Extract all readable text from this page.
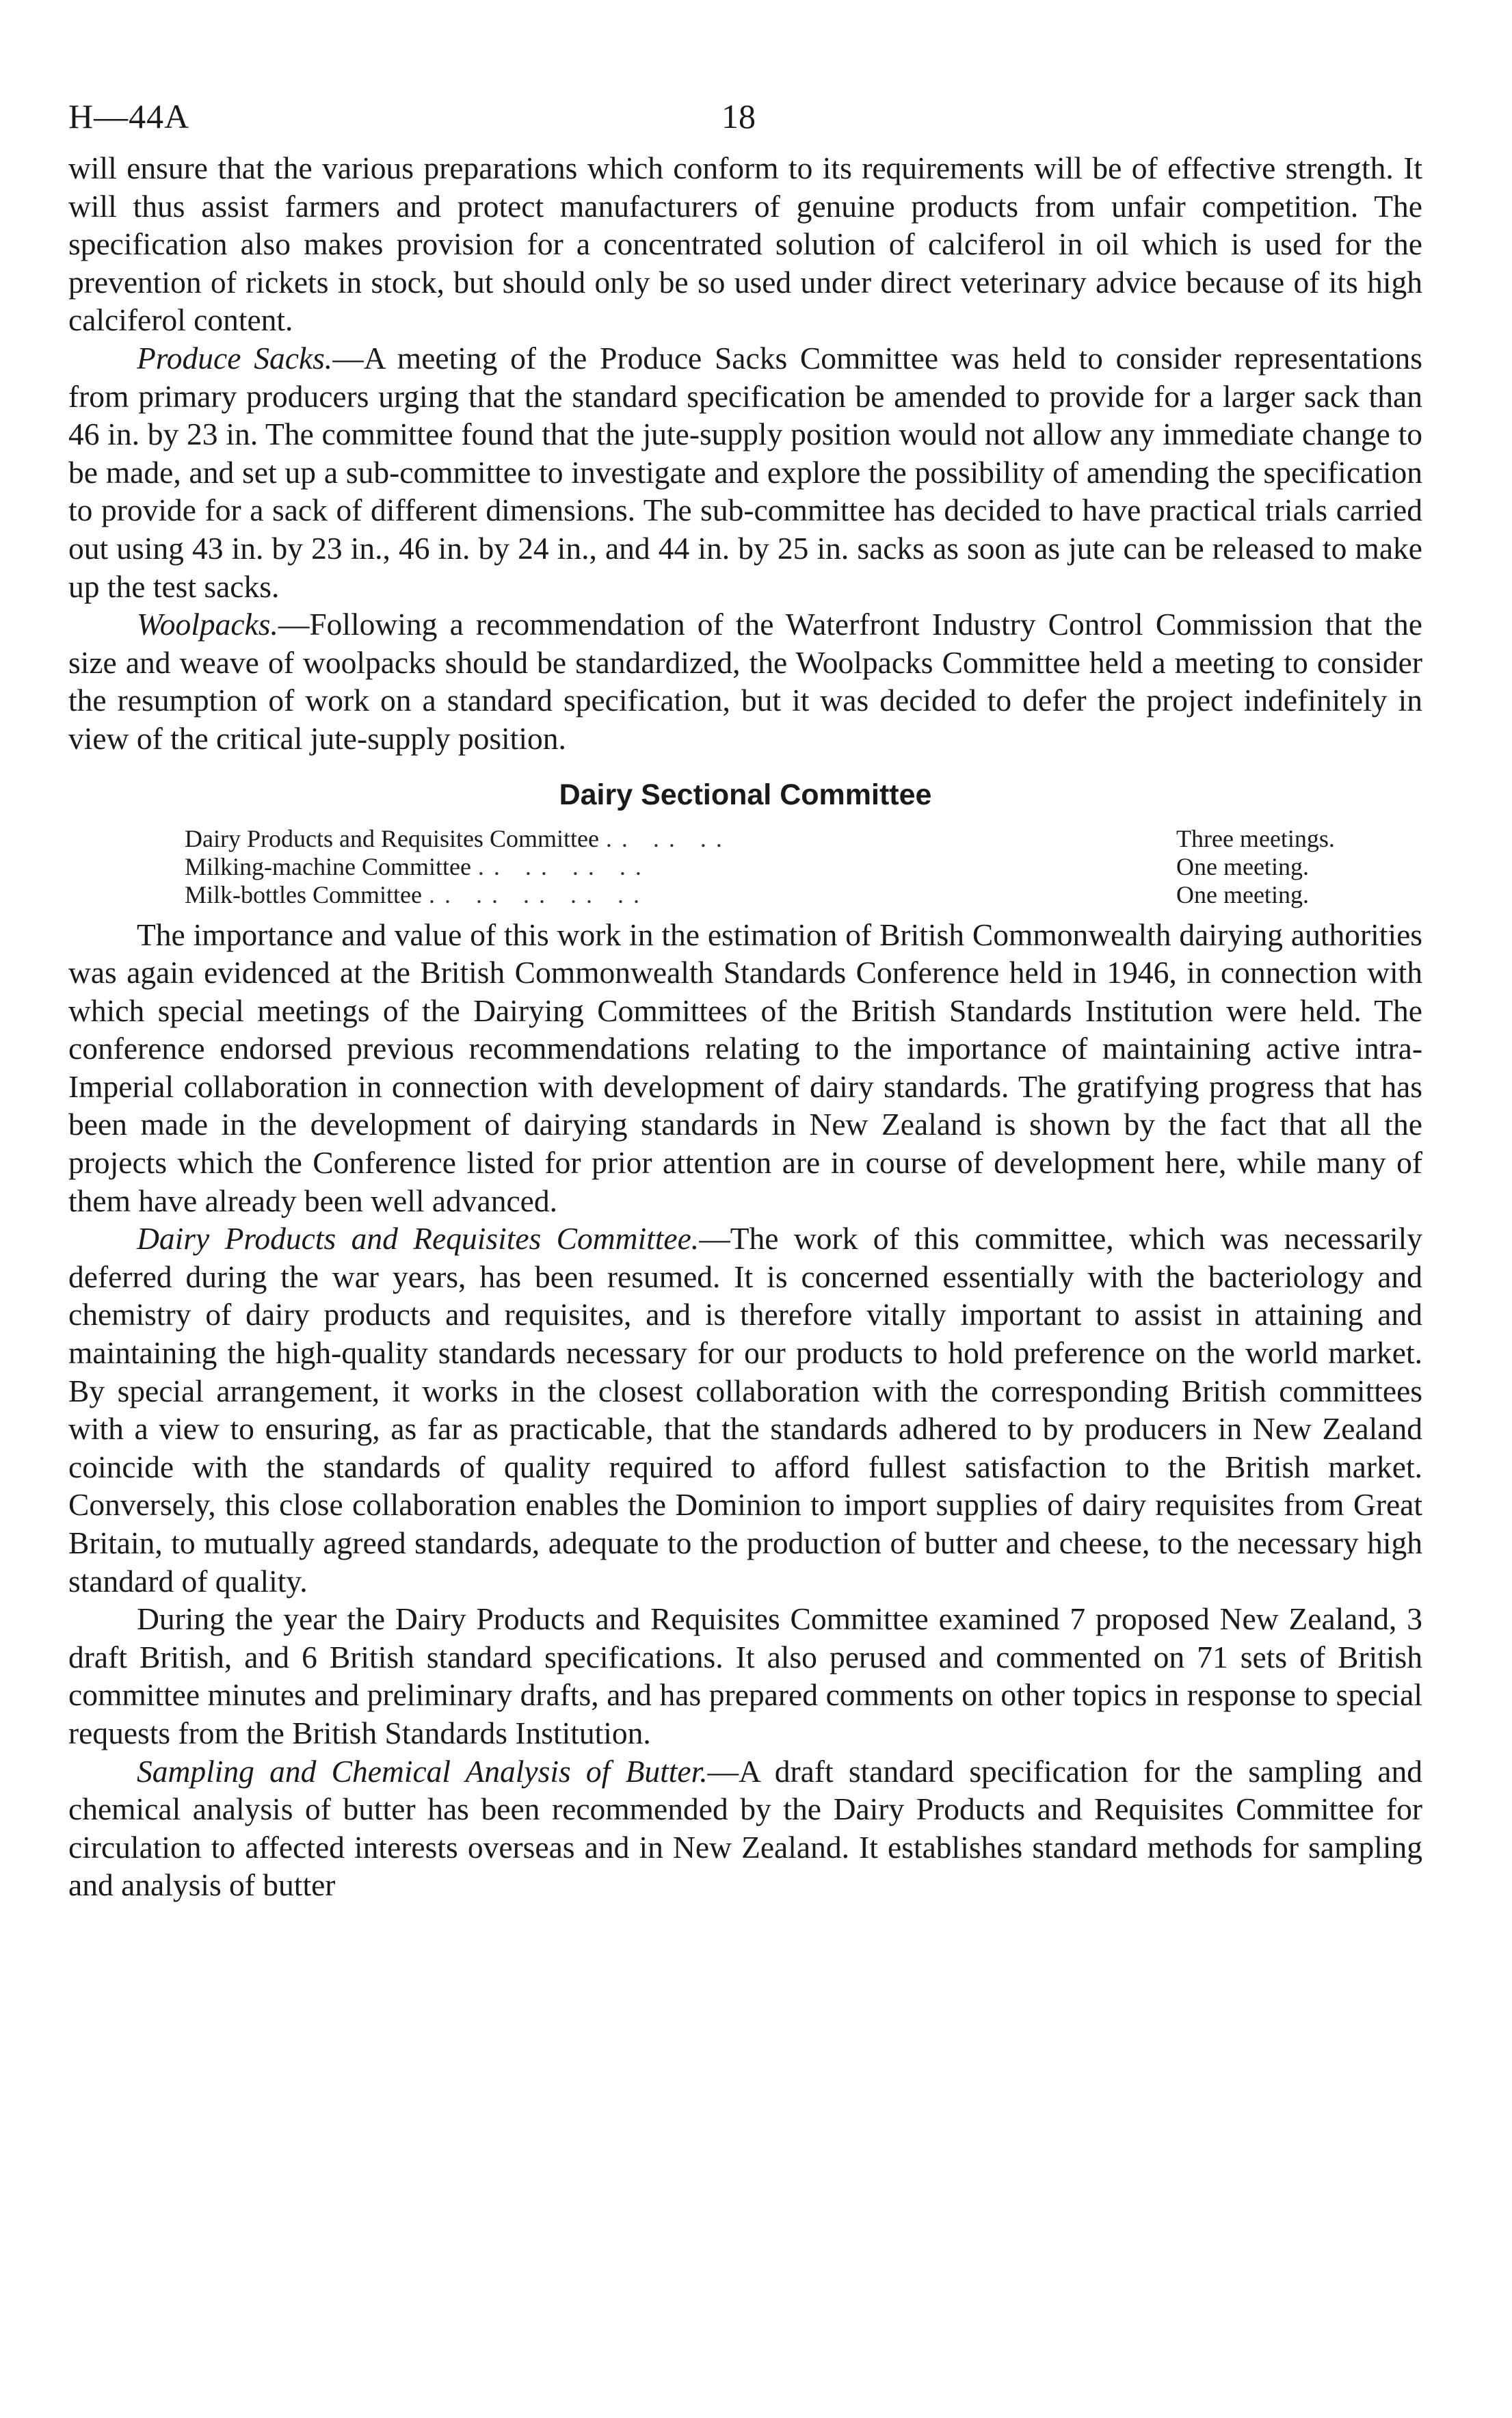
H—44A	18

will ensure that the various preparations which conform to its requirements will be of effective strength. It will thus assist farmers and protect manufacturers of genuine products from unfair competition. The specification also makes provision for a concentrated solution of calciferol in oil which is used for the prevention of rickets in stock, but should only be so used under direct veterinary advice because of its high calciferol content.

Produce Sacks.—A meeting of the Produce Sacks Committee was held to consider representations from primary producers urging that the standard specification be amended to provide for a larger sack than 46 in. by 23 in. The committee found that the jute-supply position would not allow any immediate change to be made, and set up a sub-committee to investigate and explore the possibility of amending the specification to provide for a sack of different dimensions. The sub-committee has decided to have practical trials carried out using 43 in. by 23 in., 46 in. by 24 in., and 44 in. by 25 in. sacks as soon as jute can be released to make up the test sacks.

Woolpacks.—Following a recommendation of the Waterfront Industry Control Commission that the size and weave of woolpacks should be standardized, the Woolpacks Committee held a meeting to consider the resumption of work on a standard specification, but it was decided to defer the project indefinitely in view of the critical jute-supply position.

Dairy Sectional Committee
Dairy Products and Requisites Committee .. .. ..	Three meetings.
Milking-machine Committee .. .. .. ..	One meeting.
Milk-bottles Committee .. .. .. .. ..	One meeting.

The importance and value of this work in the estimation of British Commonwealth dairying authorities was again evidenced at the British Commonwealth Standards Conference held in 1946, in connection with which special meetings of the Dairying Committees of the British Standards Institution were held. The conference endorsed previous recommendations relating to the importance of maintaining active intra-Imperial collaboration in connection with development of dairy standards. The gratifying progress that has been made in the development of dairying standards in New Zealand is shown by the fact that all the projects which the Conference listed for prior attention are in course of development here, while many of them have already been well advanced.

Dairy Products and Requisites Committee.—The work of this committee, which was necessarily deferred during the war years, has been resumed. It is concerned essentially with the bacteriology and chemistry of dairy products and requisites, and is therefore vitally important to assist in attaining and maintaining the high-quality standards necessary for our products to hold preference on the world market. By special arrangement, it works in the closest collaboration with the corresponding British committees with a view to ensuring, as far as practicable, that the standards adhered to by producers in New Zealand coincide with the standards of quality required to afford fullest satisfaction to the British market. Conversely, this close collaboration enables the Dominion to import supplies of dairy requisites from Great Britain, to mutually agreed standards, adequate to the production of butter and cheese, to the necessary high standard of quality.

During the year the Dairy Products and Requisites Committee examined 7 proposed New Zealand, 3 draft British, and 6 British standard specifications. It also perused and commented on 71 sets of British committee minutes and preliminary drafts, and has prepared comments on other topics in response to special requests from the British Standards Institution.

Sampling and Chemical Analysis of Butter.—A draft standard specification for the sampling and chemical analysis of butter has been recommended by the Dairy Products and Requisites Committee for circulation to affected interests overseas and in New Zealand. It establishes standard methods for sampling and analysis of butter
